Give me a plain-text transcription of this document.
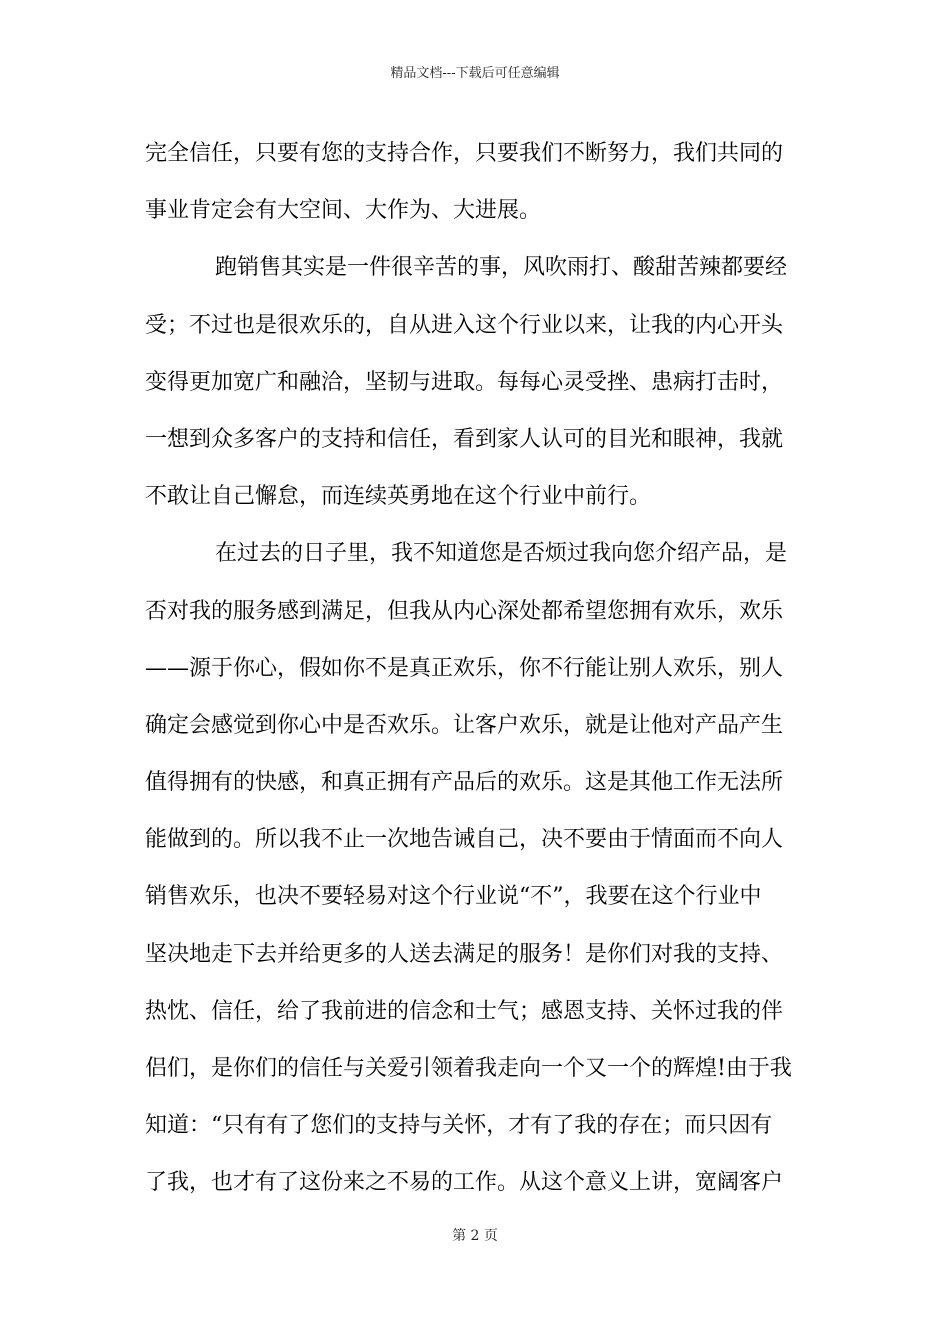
精品文档---下载后可任意编辑
完全信任，只要有您的支持合作，只要我们不断努力，我们共同的
事业肯定会有大空间、大作为、大进展。
跑销售其实是一件很辛苦的事，风吹雨打、酸甜苦辣都要经
受；不过也是很欢乐的，自从进入这个行业以来，让我的内心开头
变得更加宽广和融洽，坚韧与进取。每每心灵受挫、患病打击时，
一想到众多客户的支持和信任，看到家人认可的目光和眼神，我就
不敢让自己懈怠，而连续英勇地在这个行业中前行。
在过去的日子里，我不知道您是否烦过我向您介绍产品，是
否对我的服务感到满足，但我从内心深处都希望您拥有欢乐，欢乐
——源于你心，假如你不是真正欢乐，你不行能让别人欢乐，别人
确定会感觉到你心中是否欢乐。让客户欢乐，就是让他对产品产生
值得拥有的快感，和真正拥有产品后的欢乐。这是其他工作无法所
能做到的。所以我不止一次地告诫自己，决不要由于情面而不向人
销售欢乐，也决不要轻易对这个行业说“不”，我要在这个行业中
坚决地走下去并给更多的人送去满足的服务！是你们对我的支持、
热忱、信任，给了我前进的信念和士气；感恩支持、关怀过我的伴
侣们，是你们的信任与关爱引领着我走向一个又一个的辉煌!由于我
知道：“只有有了您们的支持与关怀，才有了我的存在；而只因有
了我，也才有了这份来之不易的工作。从这个意义上讲，宽阔客户
第 2 页
